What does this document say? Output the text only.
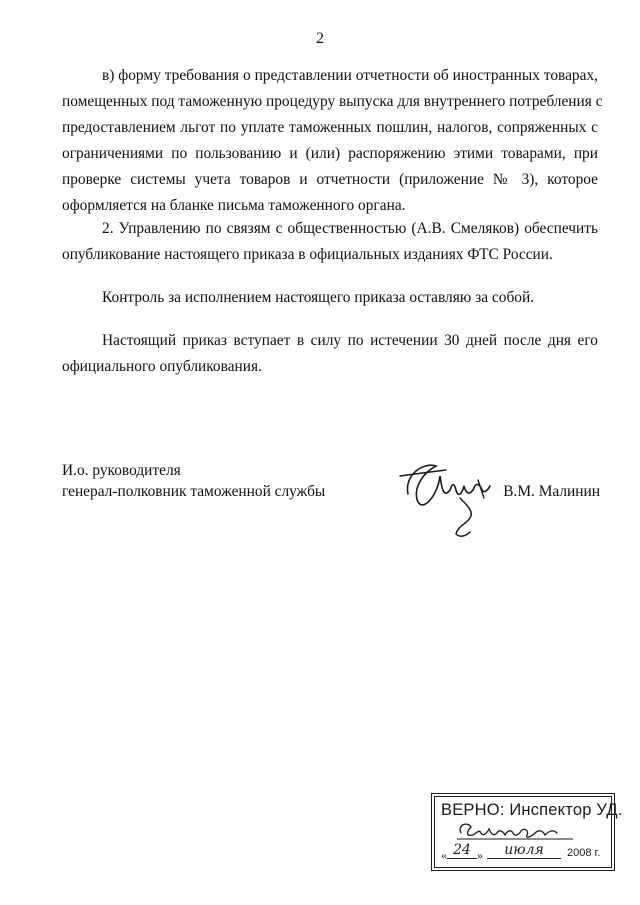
2
в) форму требования о представлении отчетности об иностранных товарах,
помещенных под таможенную процедуру выпуска для внутреннего потребления с
предоставлением льгот по уплате таможенных пошлин, налогов, сопряженных с
ограничениями по пользованию и (или) распоряжению этими товарами, при
проверке системы учета товаров и отчетности (приложение № 3), которое
оформляется на бланке письма таможенного органа.
2. Управлению по связям с общественностью (А.В. Смеляков) обеспечить
опубликование настоящего приказа в официальных изданиях ФТС России.
Контроль за исполнением настоящего приказа оставляю за собой.
Настоящий приказ вступает в силу по истечении 30 дней после дня его
официального опубликования.
И.о. руководителя
генерал-полковник таможенной службы	В.М. Малинин
ВЕРНО: Инспектор УД.
« 24 »	июля	2008 г.
